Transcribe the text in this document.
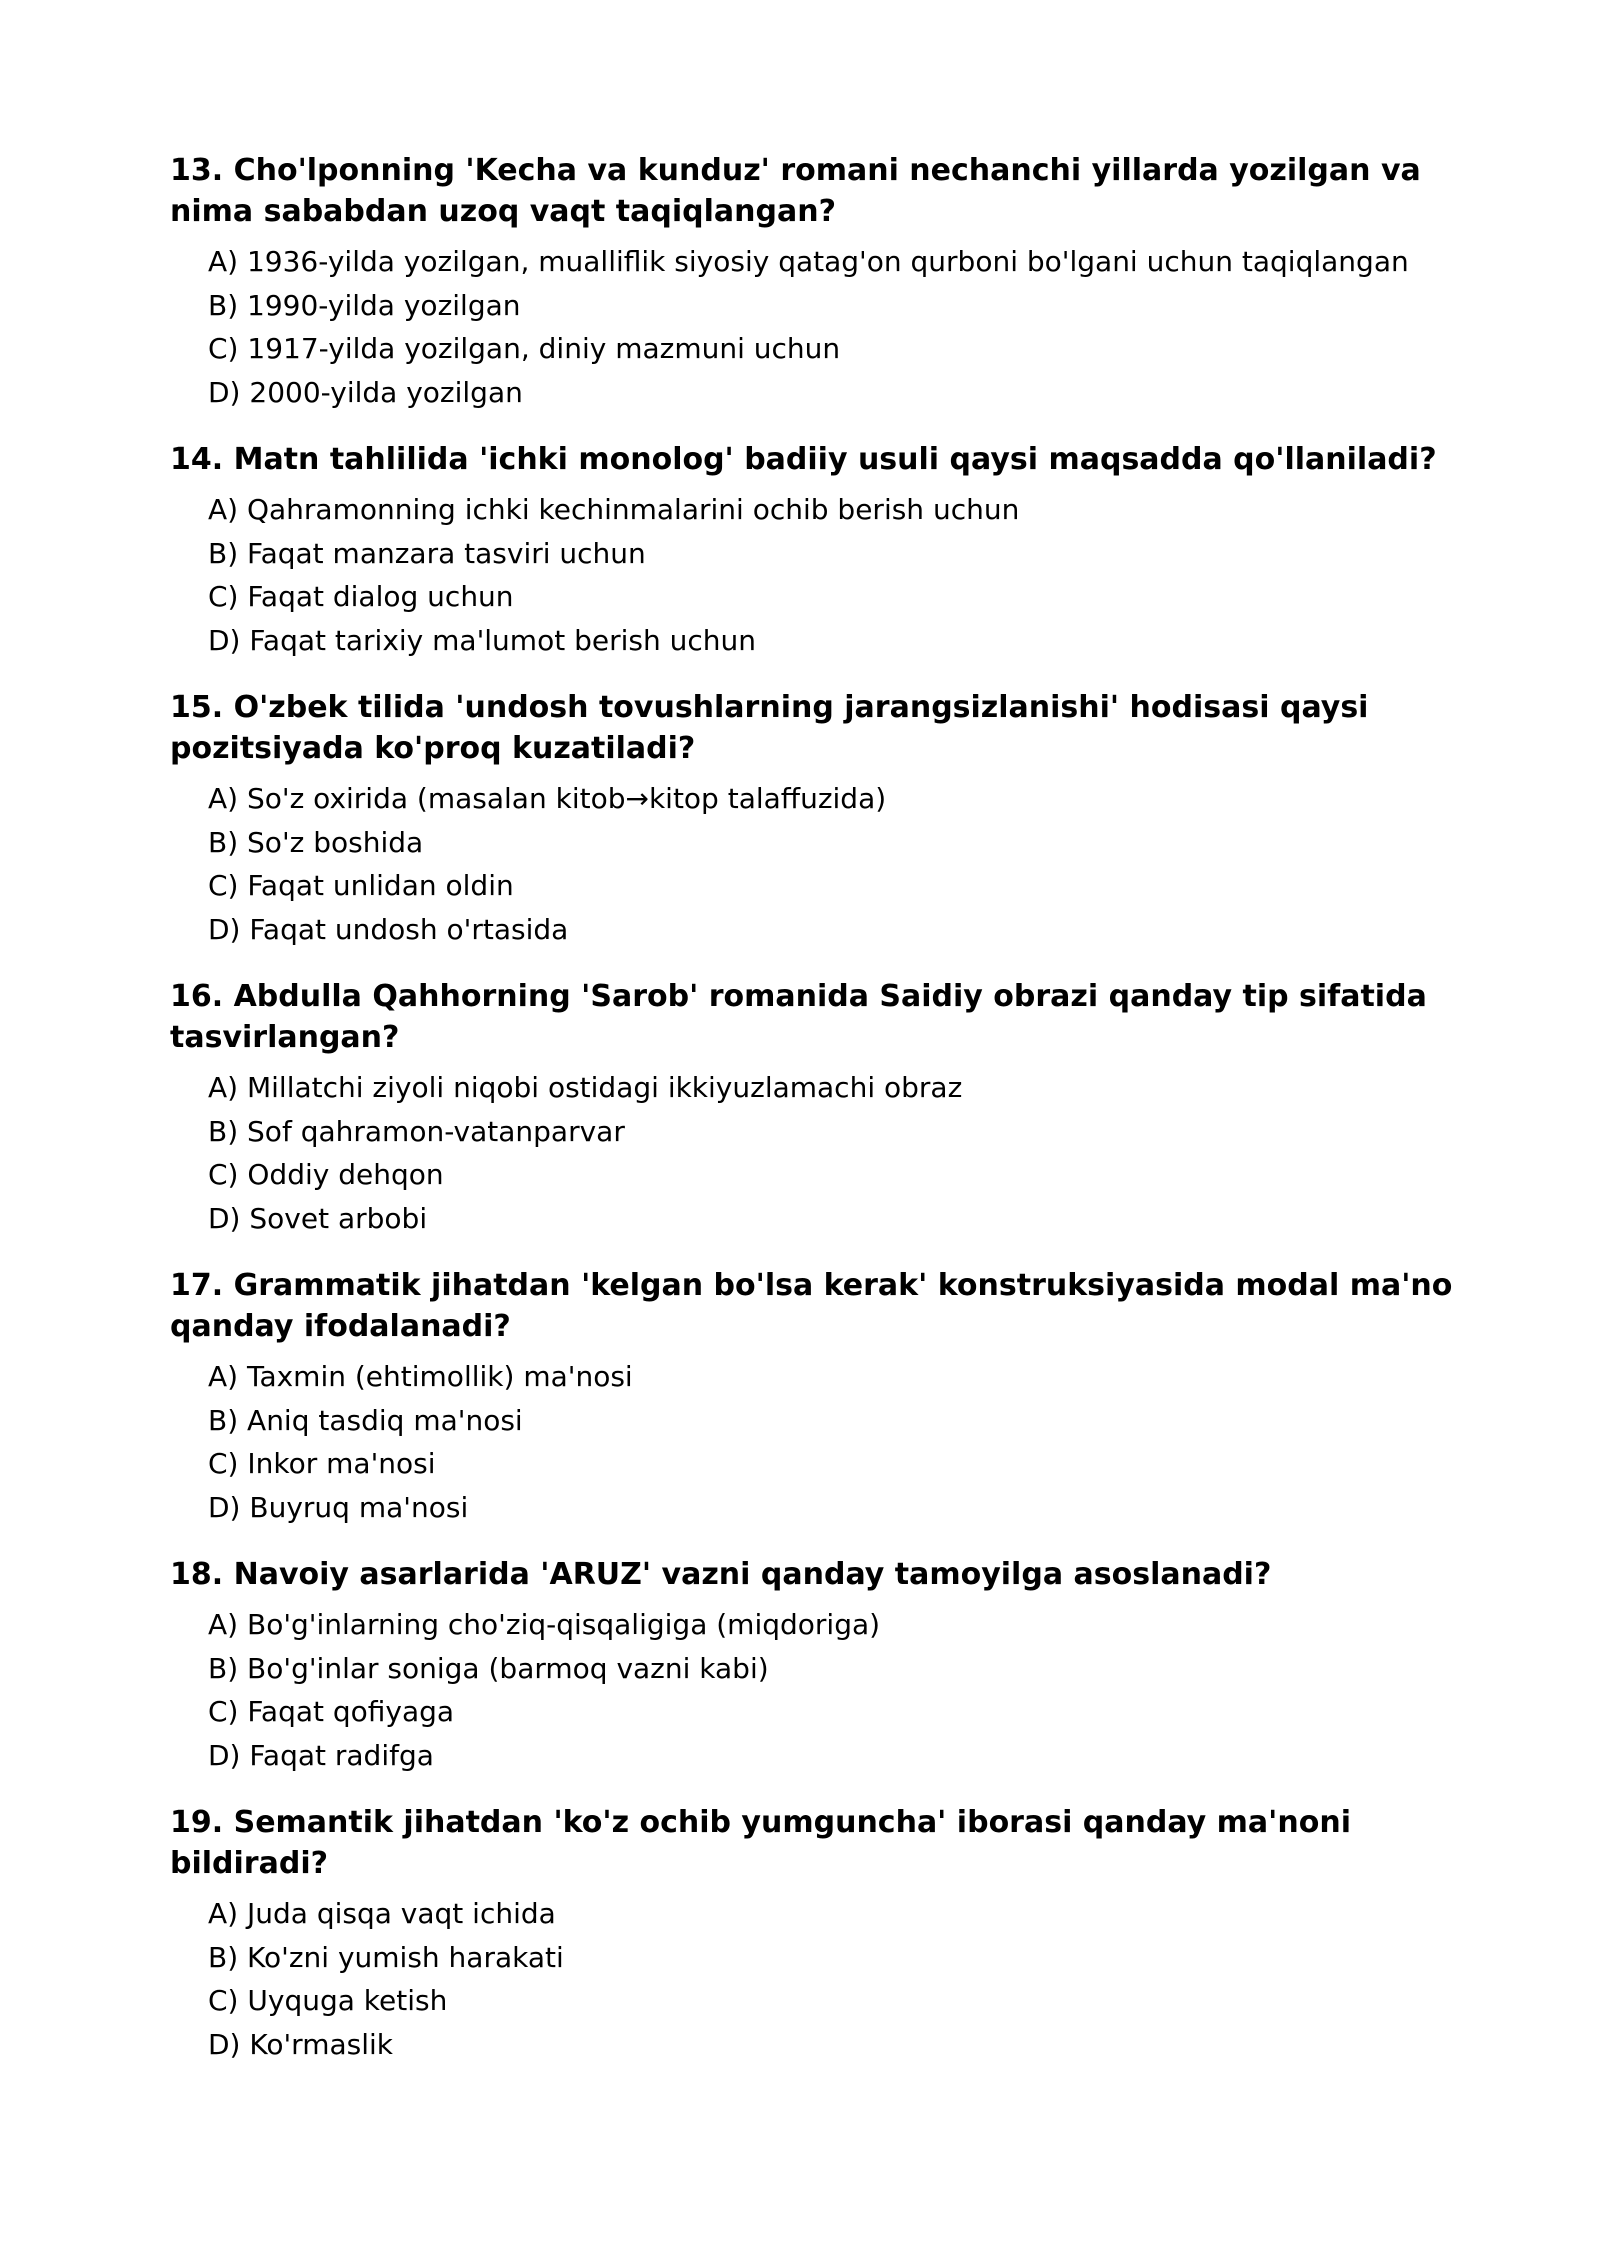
13. Cho'lponning 'Kecha va kunduz' romani nechanchi yillarda yozilgan va nima sababdan uzoq vaqt taqiqlangan?

A) 1936-yilda yozilgan, mualliflik siyosiy qatag'on qurboni bo'lgani uchun taqiqlangan
B) 1990-yilda yozilgan
C) 1917-yilda yozilgan, diniy mazmuni uchun
D) 2000-yilda yozilgan

14. Matn tahlilida 'ichki monolog' badiiy usuli qaysi maqsadda qo'llaniladi?

A) Qahramonning ichki kechinmalarini ochib berish uchun
B) Faqat manzara tasviri uchun
C) Faqat dialog uchun
D) Faqat tarixiy ma'lumot berish uchun

15. O'zbek tilida 'undosh tovushlarning jarangsizlanishi' hodisasi qaysi pozitsiyada ko'proq kuzatiladi?

A) So'z oxirida (masalan kitob→kitop talaffuzida)
B) So'z boshida
C) Faqat unlidan oldin
D) Faqat undosh o'rtasida

16. Abdulla Qahhorning 'Sarob' romanida Saidiy obrazi qanday tip sifatida tasvirlangan?

A) Millatchi ziyoli niqobi ostidagi ikkiyuzlamachi obraz
B) Sof qahramon-vatanparvar
C) Oddiy dehqon
D) Sovet arbobi

17. Grammatik jihatdan 'kelgan bo'lsa kerak' konstruksiyasida modal ma'no qanday ifodalanadi?

A) Taxmin (ehtimollik) ma'nosi
B) Aniq tasdiq ma'nosi
C) Inkor ma'nosi
D) Buyruq ma'nosi

18. Navoiy asarlarida 'ARUZ' vazni qanday tamoyilga asoslanadi?

A) Bo'g'inlarning cho'ziq-qisqaligiga (miqdoriga)
B) Bo'g'inlar soniga (barmoq vazni kabi)
C) Faqat qofiyaga
D) Faqat radifga

19. Semantik jihatdan 'ko'z ochib yumguncha' iborasi qanday ma'noni bildiradi?

A) Juda qisqa vaqt ichida
B) Ko'zni yumish harakati
C) Uyquga ketish
D) Ko'rmaslik
